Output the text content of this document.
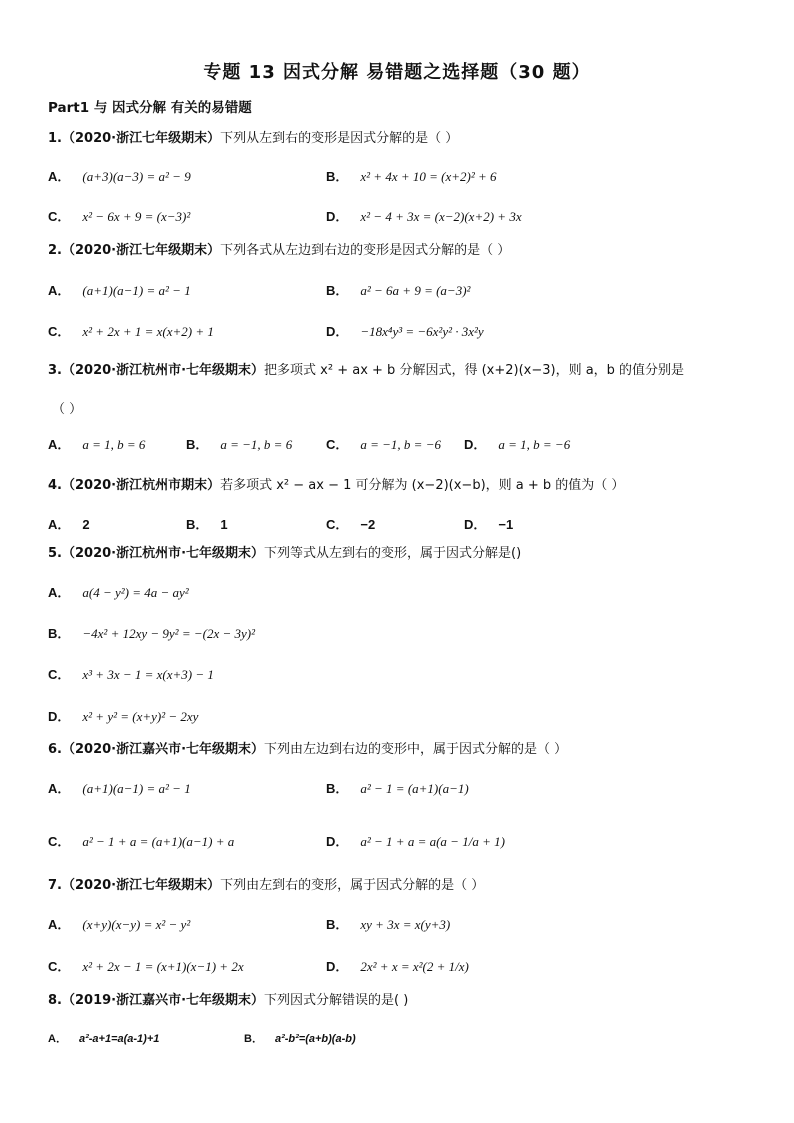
专题 13 因式分解 易错题之选择题（30 题）
Part1 与 因式分解 有关的易错题
1.（2020·浙江七年级期末）下列从左到右的变形是因式分解的是（ ）
A． (a+3)(a−3) = a² − 9	B． x² + 4x + 10 = (x+2)² + 6
C． x² − 6x + 9 = (x−3)²	D． x² − 4 + 3x = (x−2)(x+2) + 3x
2.（2020·浙江七年级期末）下列各式从左边到右边的变形是因式分解的是（ ）
A． (a+1)(a−1) = a² − 1	B． a² − 6a + 9 = (a−3)²
C． x² + 2x + 1 = x(x+2) + 1	D． −18x⁴y³ = −6x²y² · 3x²y
3.（2020·浙江杭州市·七年级期末）把多项式 x² + ax + b 分解因式，得 (x+2)(x−3)，则 a，b 的值分别是
（ ）
A． a = 1, b = 6	B． a = −1, b = 6	C． a = −1, b = −6 D． a = 1, b = −6
4.（2020·浙江杭州市期末）若多项式 x² − ax − 1 可分解为 (x−2)(x−b)，则 a + b 的值为（ ）
A． 2	B． 1	C． −2	D． −1
5.（2020·浙江杭州市·七年级期末）下列等式从左到右的变形，属于因式分解是()
A． a(4 − y²) = 4a − ay²
B． −4x² + 12xy − 9y² = −(2x − 3y)²
C． x³ + 3x − 1 = x(x+3) − 1
D． x² + y² = (x+y)² − 2xy
6.（2020·浙江嘉兴市·七年级期末）下列由左边到右边的变形中，属于因式分解的是（ ）
A． (a+1)(a−1) = a² − 1	B． a² − 1 = (a+1)(a−1)
C． a² − 1 + a = (a+1)(a−1) + a	D． a² − 1 + a = a(a − 1/a + 1)
7.（2020·浙江七年级期末）下列由左到右的变形，属于因式分解的是（ ）
A． (x+y)(x−y) = x² − y²	B． xy + 3x = x(y+3)
C． x² + 2x − 1 = (x+1)(x−1) + 2x	D． 2x² + x = x²(2 + 1/x)
8.（2019·浙江嘉兴市·七年级期末）下列因式分解错误的是( )
A． a²-a+1=a(a-1)+1	B． a²-b²=(a+b)(a-b)
